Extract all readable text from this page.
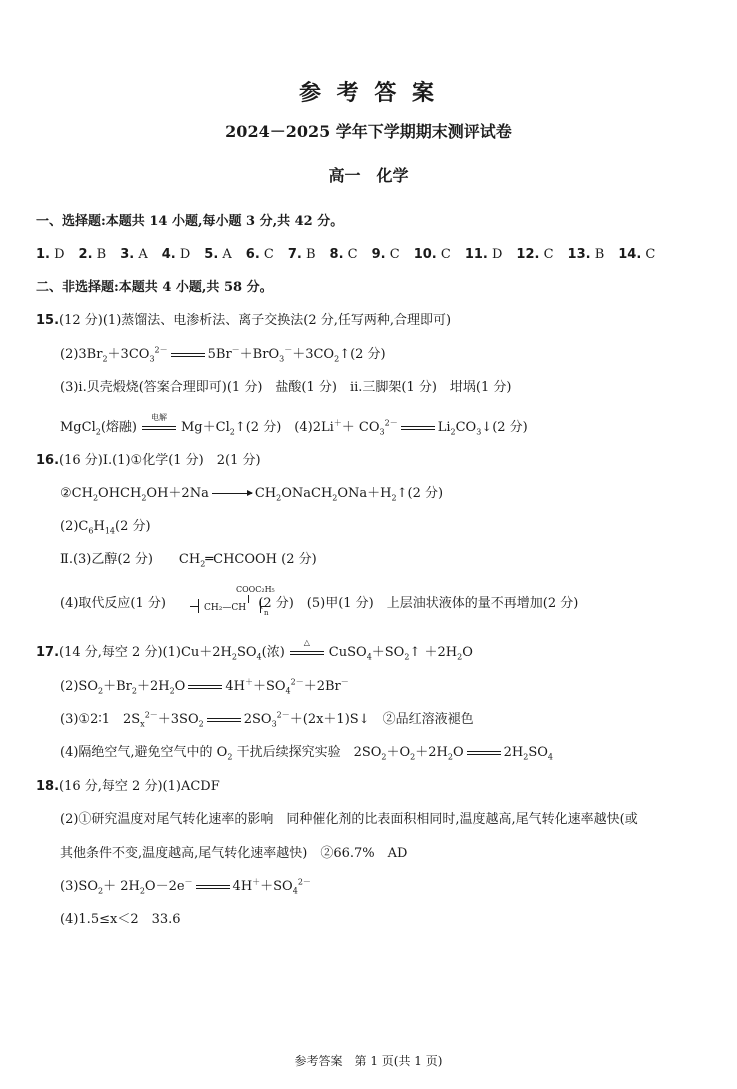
参 考 答 案
2024－2025 学年下学期期末测评试卷
高一　化学
一、选择题:本题共 14 小题,每小题 3 分,共 42 分。
1. D 2. B 3. A 4. D 5. A 6. C 7. B 8. C 9. C 10. C 11. D 12. C 13. B 14. C
二、非选择题:本题共 4 小题,共 58 分。
15.(12 分)(1)蒸馏法、电渗析法、离子交换法(2 分,任写两种,合理即可)
$(2)3Br_2+3CO_3^{2-}$	$5Br^-+BrO_3^-+3CO_2↑(2$ 分)
(3)ⅰ.贝壳煅烧(答案合理即可)(1 分)　盐酸(1 分)　ⅱ.三脚架(1 分)　坩埚(1 分)
MgCl$_2$(熔融)
电解
$Mg+Cl_2↑(2$ 分)　$(4)2Li^++ CO_3^{2-}$	$Li_2CO_3↓(2$ 分)
16.(16 分)Ⅰ.(1)①化学(1 分)　2(1 分)
$②CH_2OHCH_2OH+2Na$	$CH_2ONaCH_2ONa+H_2↑(2$ 分)
$(2)C_6H_{14}(2$ 分)
Ⅱ.(3)乙醇(2 分)　　$CH_2═CHCOOH$ (2 分)
(4)取代反应(1 分)	(2 分)　(5)甲(1 分)　上层油状液体的量不再增加(2 分)
COOC₂H₅
CH₂—CH	n
17.(14 分,每空 2 分)$(1)Cu+2H_2SO_4$(浓)
△
$CuSO_4+SO_2↑ +2H_2O$
$(2)SO_2+Br_2+2H_2O$	$4H^++SO_4^{2-}+2Br^-$
(3)①2∶1　$2S_x^{2-}+3SO_2$	$2SO_3^{2-}+(2x+1)S↓$　②品红溶液褪色
(4)隔绝空气,避免空气中的 $O_2$ 干扰后续探究实验　$2SO_2+O_2+2H_2O$	$2H_2SO_4$
18.(16 分,每空 2 分)(1)ACDF
(2)①研究温度对尾气转化速率的影响　同种催化剂的比表面积相同时,温度越高,尾气转化速率越快(或
其他条件不变,温度越高,尾气转化速率越快)　②66.7%　AD
$(3)SO_2+ 2H_2O-2e^-$	$4H^++SO_4^{2-}$
(4)1.5≤x＜2　33.6
参考答案　第 1 页(共 1 页)
